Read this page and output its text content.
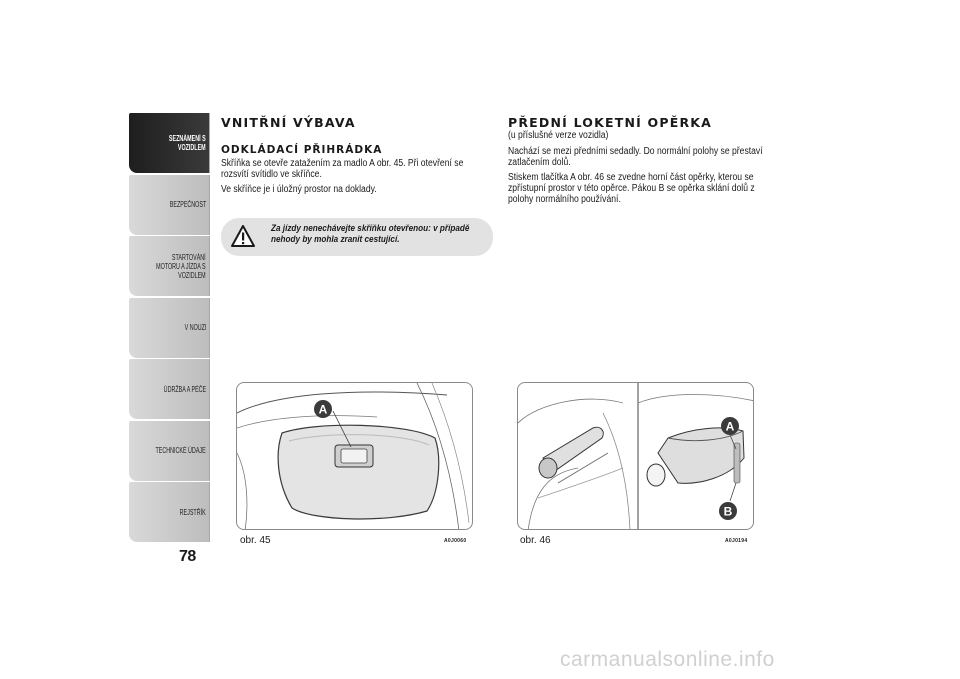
SEZNÁMENÍ S
VOZIDLEM
BEZPEČNOST
STARTOVÁNÍ
MOTORU A JÍZDA S
VOZIDLEM
V NOUZI
ÚDRŽBA A PÉČE
TECHNICKÉ ÚDAJE
REJSTŘÍK
78
VNITŘNÍ VÝBAVA
ODKLÁDACÍ PŘIHRÁDKA

Skříňka se otevře zatažením za madlo A obr. 45. Při otevření se rozsvítí svítidlo ve skříňce.

Ve skříňce je i úložný prostor na doklady.

Za jízdy nenechávejte skříňku otevřenou: v případě
nehody by mohla zranit cestující.
PŘEDNÍ LOKETNÍ OPĚRKA

(u příslušné verze vozidla)

Nachází se mezi předními sedadly. Do normální polohy se přestaví zatlačením dolů.

Stiskem tlačítka A obr. 46 se zvedne horní část opěrky, kterou se zpřístupní prostor v této opěrce. Pákou B se opěrka sklání dolů z polohy normálního používání.

A
obr. 45	A0J0060
A
B
obr. 46	A0J0194
carmanualsonline.info
